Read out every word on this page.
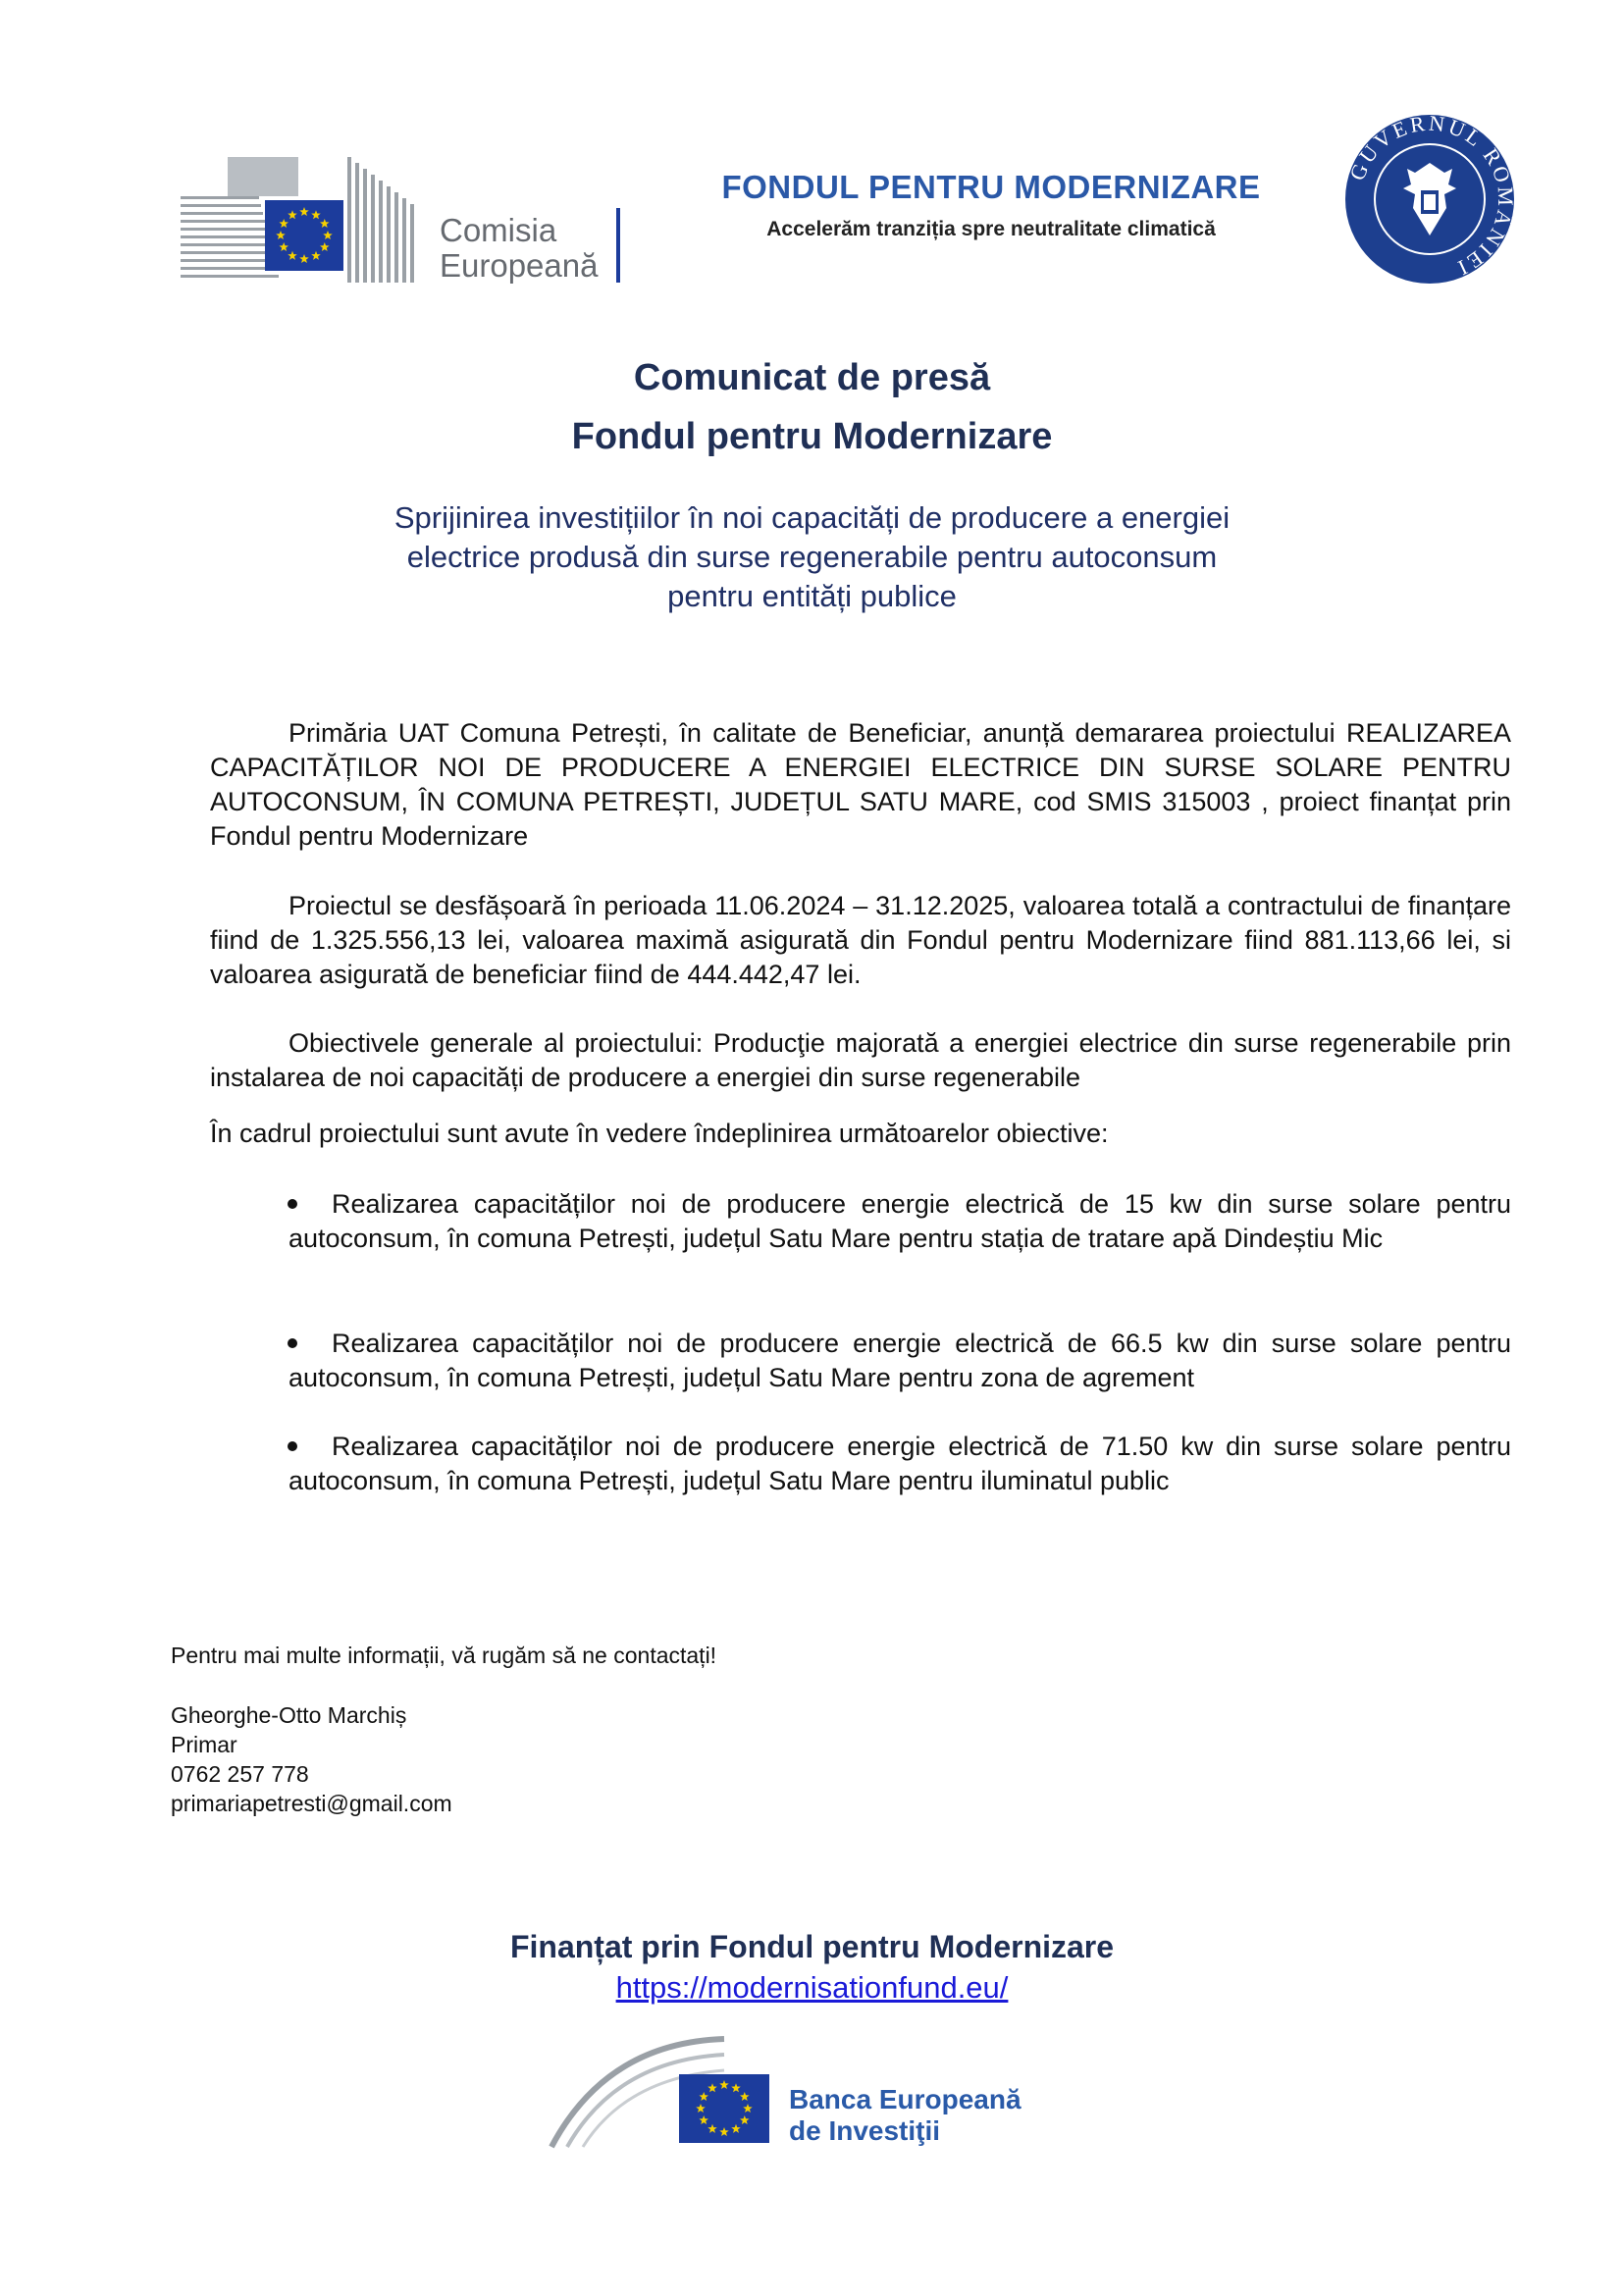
Comisia
Europeană
FONDUL PENTRU MODERNIZARE
Accelerăm tranziția spre neutralitate climatică
GUVERNUL ROMÂNIEI
Comunicat de presă
Fondul pentru Modernizare
Sprijinirea investițiilor în noi capacități de producere a energiei
electrice produsă din surse regenerabile pentru autoconsum
pentru entități publice
Primăria UAT Comuna Petrești, în calitate de Beneficiar, anunță demararea proiectului REALIZAREA CAPACITĂȚILOR NOI DE PRODUCERE A ENERGIEI ELECTRICE DIN SURSE SOLARE PENTRU AUTOCONSUM, ÎN COMUNA PETREȘTI, JUDEȚUL SATU MARE, cod SMIS 315003 , proiect finanțat prin Fondul pentru Modernizare
Proiectul se desfășoară în perioada 11.06.2024 – 31.12.2025, valoarea totală a contractului de finanțare fiind de 1.325.556,13 lei, valoarea maximă asigurată din Fondul pentru Modernizare fiind 881.113,66 lei, si valoarea asigurată de beneficiar fiind de 444.442,47 lei.
Obiectivele generale al proiectului: Producţie majorată a energiei electrice din surse regenerabile prin instalarea de noi capacități de producere a energiei din surse regenerabile
În cadrul proiectului sunt avute în vedere îndeplinirea următoarelor obiective:
Realizarea capacităților noi de producere energie electrică de 15 kw din surse solare pentru autoconsum, în comuna Petrești, județul Satu Mare pentru stația de tratare apă Dindeștiu Mic
Realizarea capacităților noi de producere energie electrică de 66.5 kw din surse solare pentru autoconsum, în comuna Petrești, județul Satu Mare pentru zona de agrement
Realizarea capacităților noi de producere energie electrică de 71.50 kw din surse solare pentru autoconsum, în comuna Petrești, județul Satu Mare pentru iluminatul public
Pentru mai multe informații, vă rugăm să ne contactați!
Gheorghe-Otto Marchiș
Primar
0762 257 778
primariapetresti@gmail.com
Finanțat prin Fondul pentru Modernizare
https://modernisationfund.eu/
Banca Europeană
de Investiţii
